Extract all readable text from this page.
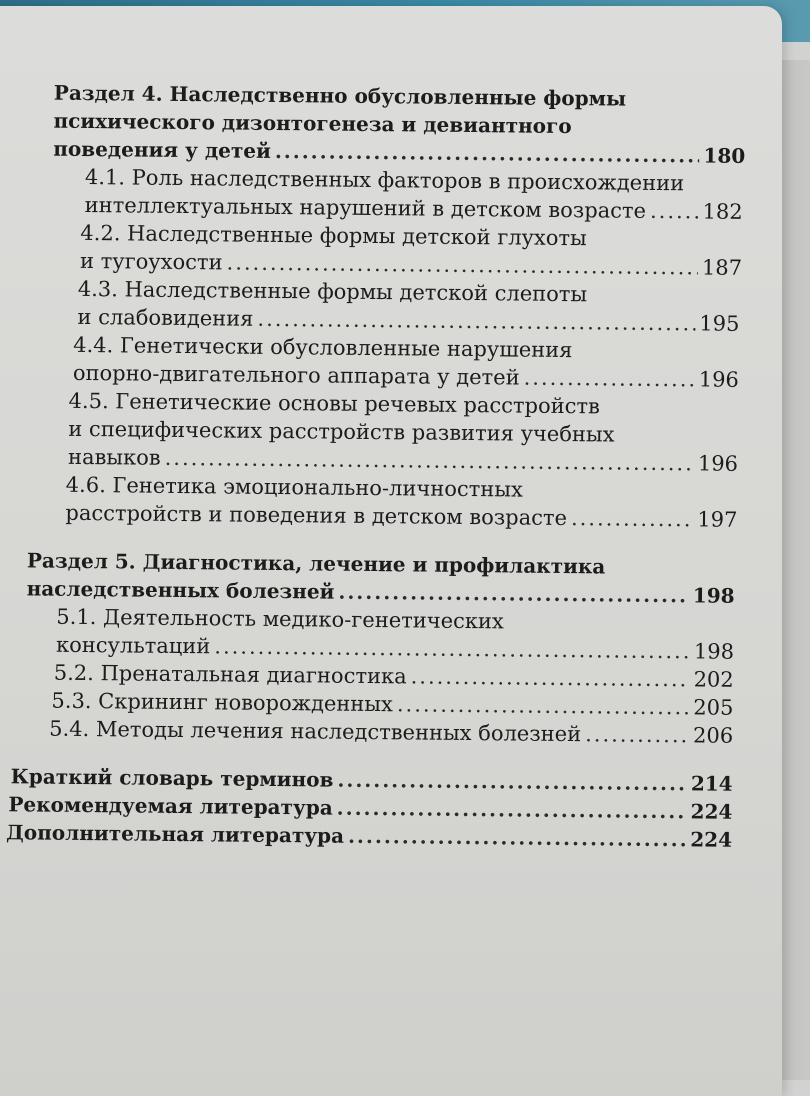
Раздел 4. Наследственно обусловленные формы
психического дизонтогенеза и девиантного
поведения у детей .....	180
4.1. Роль наследственных факторов в происхождении
интеллектуальных нарушений в детском возрасте .....	182
4.2. Наследственные формы детской глухоты
и тугоухости .....	187
4.3. Наследственные формы детской слепоты
и слабовидения .....	195
4.4. Генетически обусловленные нарушения
опорно-двигательного аппарата у детей .....	196
4.5. Генетические основы речевых расстройств
и специфических расстройств развития учебных
навыков .....	196
4.6. Генетика эмоционально-личностных
расстройств и поведения в детском возрасте .....	197
Раздел 5. Диагностика, лечение и профилактика
наследственных болезней .....	198
5.1. Деятельность медико-генетических
консультаций .....	198
5.2. Пренатальная диагностика .....	202
5.3. Скрининг новорожденных .....	205
5.4. Методы лечения наследственных болезней .....	206
Краткий словарь терминов .....	214
Рекомендуемая литература .....	224
Дополнительная литература .....	224
